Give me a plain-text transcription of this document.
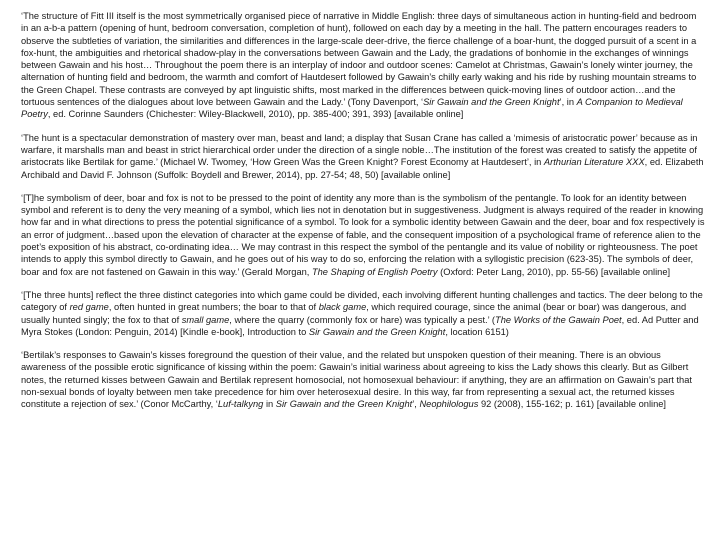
‘The structure of Fitt III itself is the most symmetrically organised piece of narrative in Middle English: three days of simultaneous action in hunting-field and bedroom in an a-b-a pattern (opening of hunt, bedroom conversation, completion of hunt), followed on each day by a meeting in the hall. The pattern encourages readers to observe the subtleties of variation, the similarities and differences in the large-scale deer-drive, the fierce challenge of a boar-hunt, the dogged pursuit of a scent in a fox-hunt, the ambiguities and rhetorical shadow-play in the conversations between Gawain and the Lady, the gradations of bonhomie in the exchanges of winnings between Gawain and his host… Throughout the poem there is an interplay of indoor and outdoor scenes: Camelot at Christmas, Gawain’s lonely winter journey, the alternation of hunting field and bedroom, the warmth and comfort of Hautdesert followed by Gawain’s chilly early waking and his ride by rushing mountain streams to the Green Chapel. These contrasts are conveyed by apt linguistic shifts, most marked in the differences between quick-moving lines of outdoor action…and the tortuous sentences of the dialogues about love between Gawain and the Lady.’ (Tony Davenport, ‘Sir Gawain and the Green Knight’, in A Companion to Medieval Poetry, ed. Corinne Saunders (Chichester: Wiley-Blackwell, 2010), pp. 385-400; 391, 393) [available online]

‘The hunt is a spectacular demonstration of mastery over man, beast and land; a display that Susan Crane has called a ‘mimesis of aristocratic power’ because as in warfare, it marshalls man and beast in strict hierarchical order under the direction of a single noble…The institution of the forest was created to satisfy the appetite of aristocrats like Bertilak for game.’ (Michael W. Twomey, ‘How Green Was the Green Knight? Forest Economy at Hautdesert’, in Arthurian Literature XXX, ed. Elizabeth Archibald and David F. Johnson (Suffolk: Boydell and Brewer, 2014), pp. 27-54; 48, 50) [available online]

‘[T]he symbolism of deer, boar and fox is not to be pressed to the point of identity any more than is the symbolism of the pentangle. To look for an identity between symbol and referent is to deny the very meaning of a symbol, which lies not in denotation but in suggestiveness. Judgment is always required of the reader in knowing how far and in what directions to press the potential significance of a symbol. To look for a symbolic identity between Gawain and the deer, boar and fox respectively is an error of judgment…based upon the elevation of character at the expense of fable, and the consequent imposition of a psychological frame of reference alien to the poet’s exposition of his abstract, co-ordinating idea… We may contrast in this respect the symbol of the pentangle and its value of nobility or righteousness. The poet intends to apply this symbol directly to Gawain, and he goes out of his way to do so, enforcing the relation with a syllogistic precision (623-35). The symbols of deer, boar and fox are not fastened on Gawain in this way.’ (Gerald Morgan, The Shaping of English Poetry (Oxford: Peter Lang, 2010), pp. 55-56) [available online]

‘[The three hunts] reflect the three distinct categories into which game could be divided, each involving different hunting challenges and tactics. The deer belong to the category of red game, often hunted in great numbers; the boar to that of black game, which required courage, since the animal (bear or boar) was dangerous, and usually hunted singly; the fox to that of small game, where the quarry (commonly fox or hare) was typically a pest.’ (The Works of the Gawain Poet, ed. Ad Putter and Myra Stokes (London: Penguin, 2014) [Kindle e-book], Introduction to Sir Gawain and the Green Knight, location 6151)

‘Bertilak’s responses to Gawain’s kisses foreground the question of their value, and the related but unspoken question of their meaning. There is an obvious awareness of the possible erotic significance of kissing within the poem: Gawain’s initial wariness about agreeing to kiss the Lady shows this clearly. But as Gilbert notes, the returned kisses between Gawain and Bertilak represent homosocial, not homosexual behaviour: if anything, they are an affirmation on Gawain’s part that non-sexual bonds of loyalty between men take precedence for him over heterosexual desire. In this way, far from representing a sexual act, the returned kisses constitute a rejection of sex.’ (Conor McCarthy, ‘Luf-talkyng in Sir Gawain and the Green Knight’, Neophilologus 92 (2008), 155-162; p. 161) [available online]
